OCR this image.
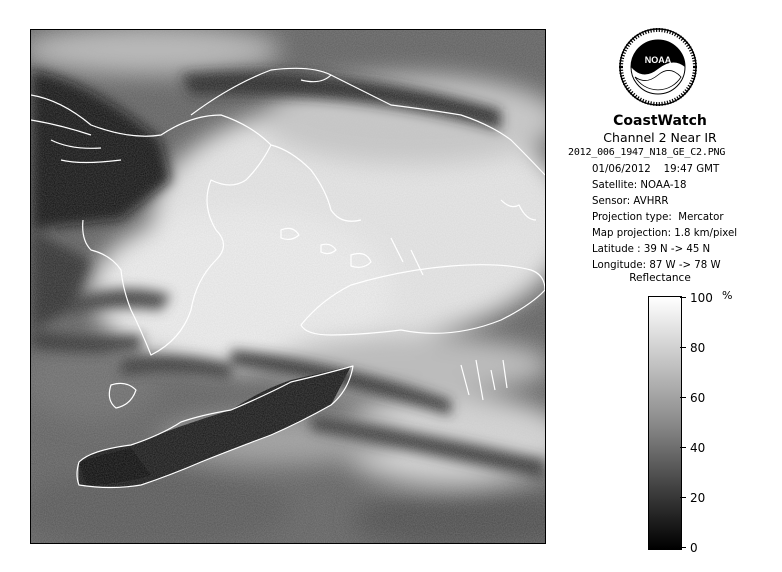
NOAA
CoastWatch
Channel 2 Near IR
2012_006_1947_N18_GE_C2.PNG
01/06/2012    19:47 GMT
Satellite: NOAA-18
Sensor: AVHRR
Projection type:  Mercator
Map projection: 1.8 km/pixel
Latitude : 39 N -> 45 N
Longitude: 87 W -> 78 W
Reflectance
100 %
80
60
40
20
0
